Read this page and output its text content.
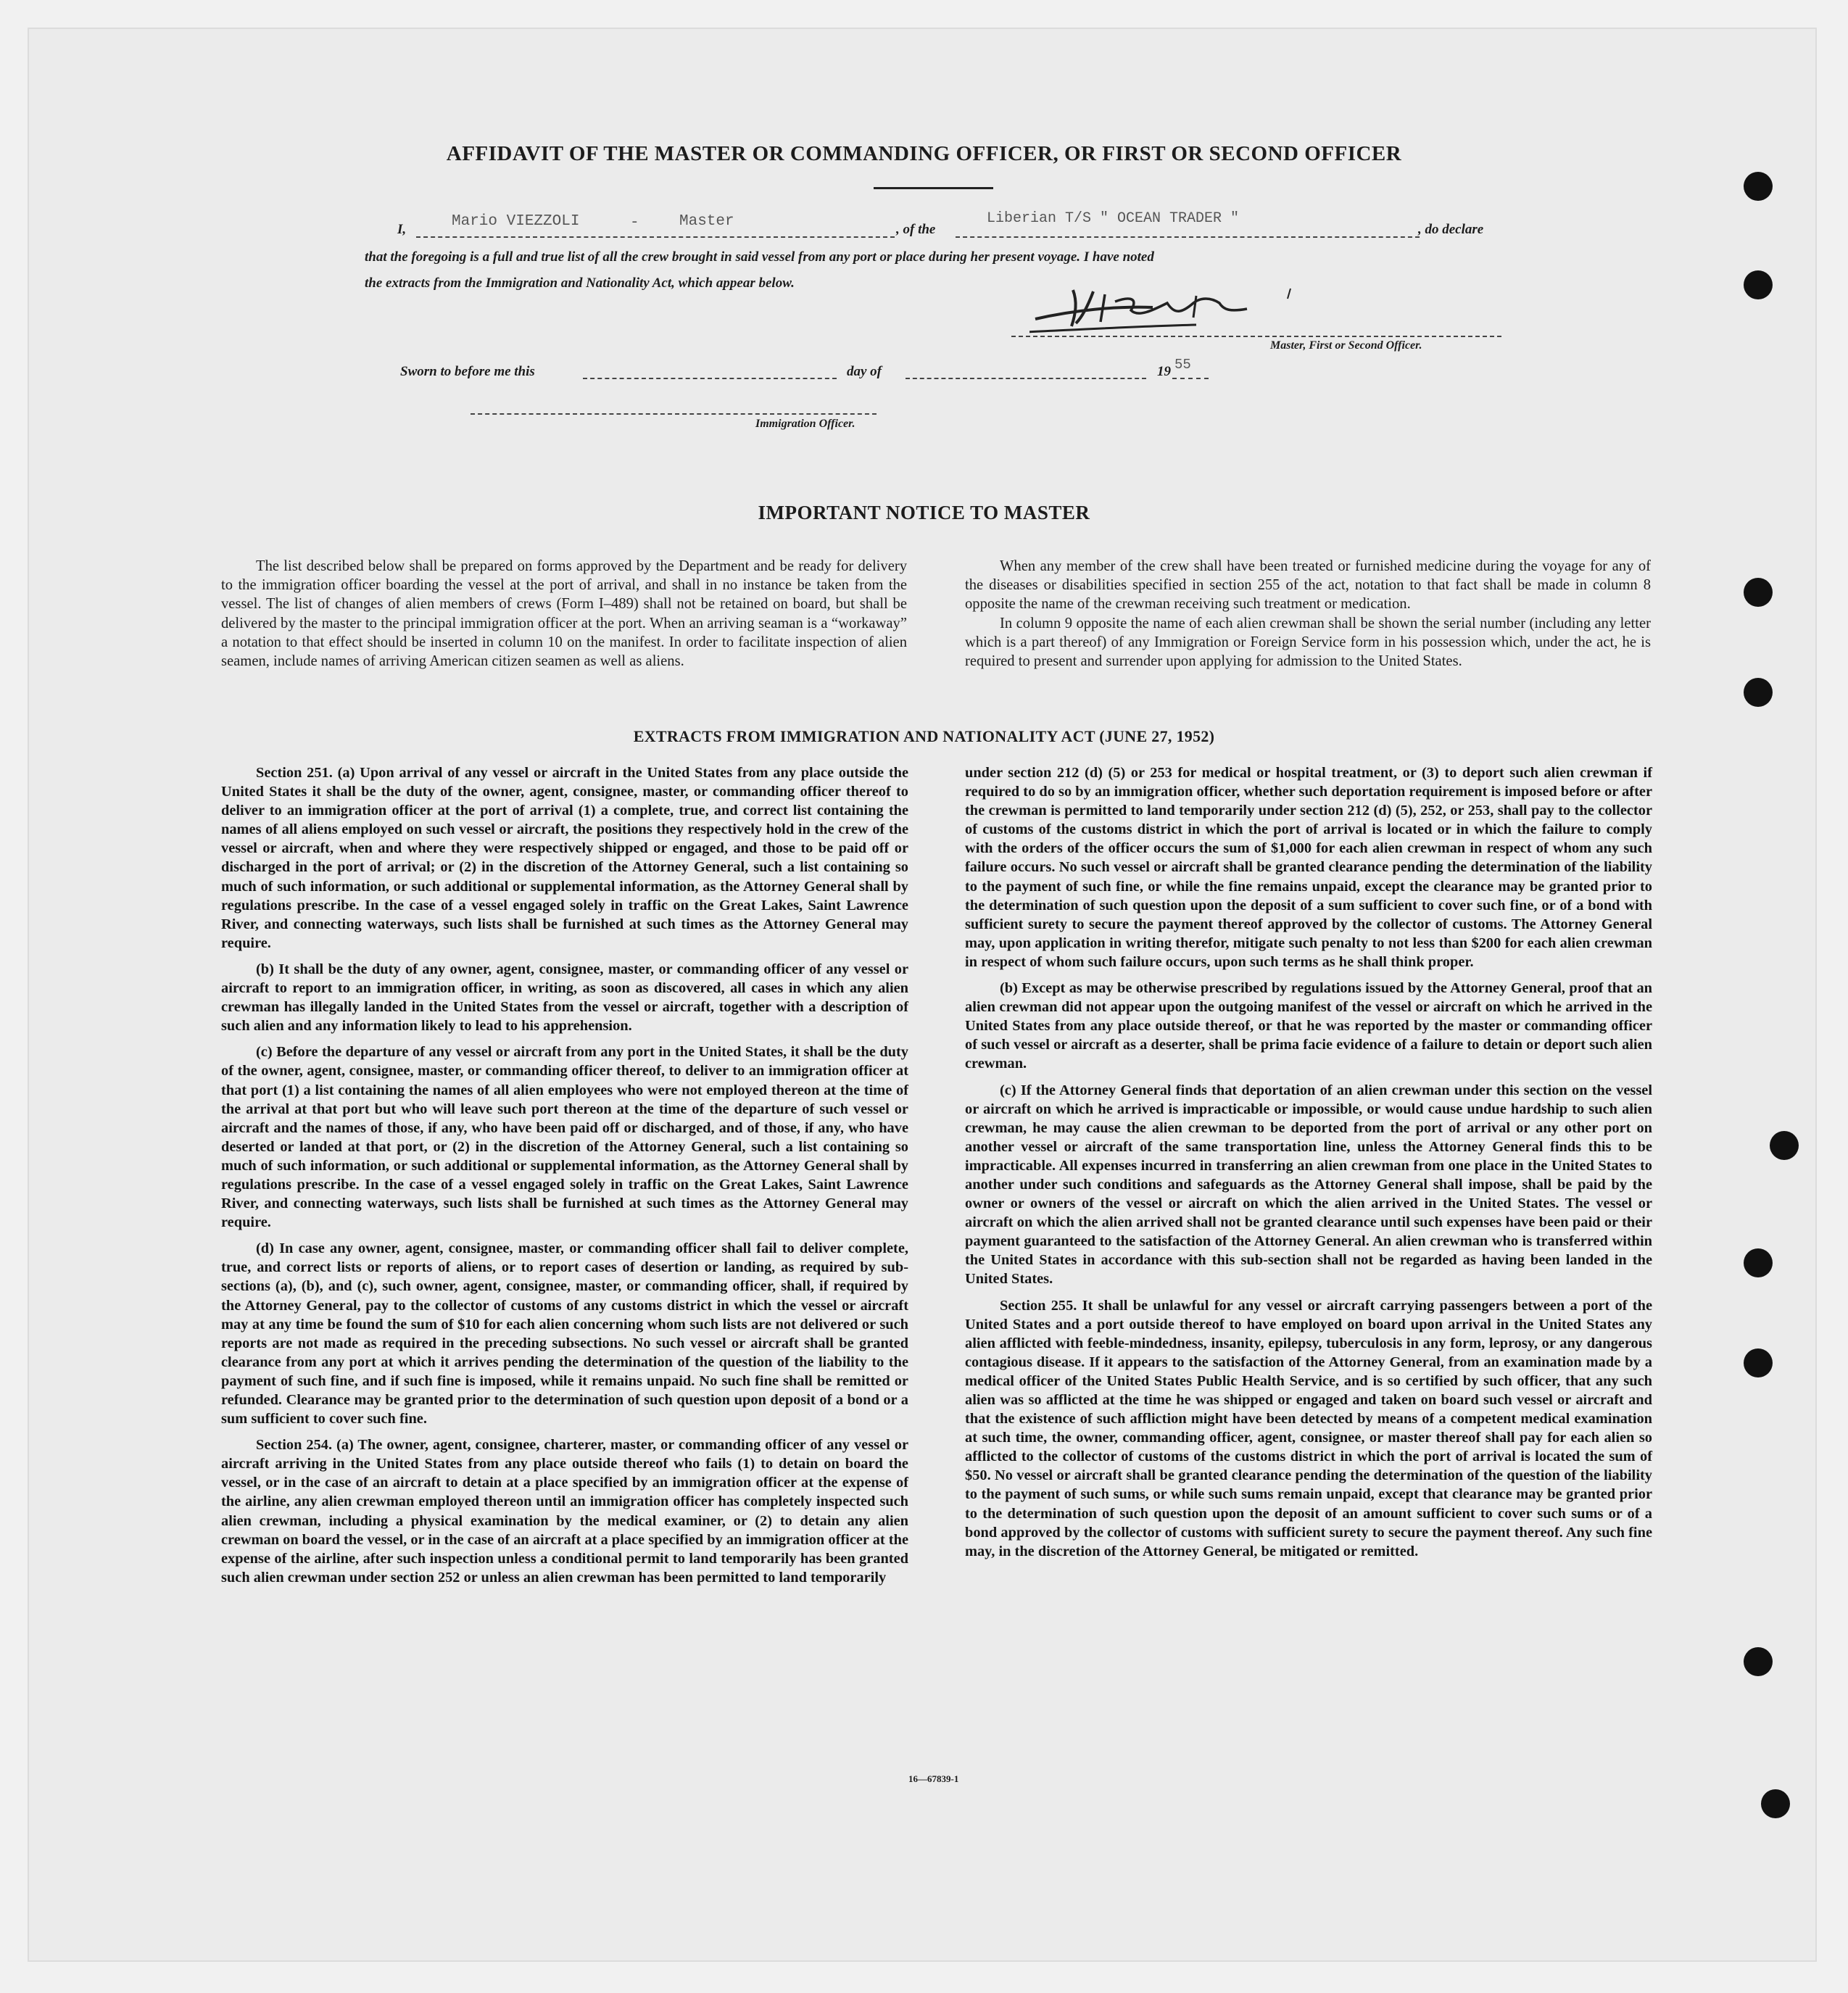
AFFIDAVIT OF THE MASTER OR COMMANDING OFFICER, OR FIRST OR SECOND OFFICER
I,	Mario VIEZZOLI	-	Master	, of the
Liberian T/S " OCEAN TRADER "
, do declare
that the foregoing is a full and true list of all the crew brought in said vessel from any port or place during her present voyage. I have noted
the extracts from the Immigration and Nationality Act, which appear below.
Master, First or Second Officer.
Sworn to before me this	day of	19 55
Immigration Officer.
IMPORTANT NOTICE TO MASTER

The list described below shall be prepared on forms approved by the Department and be ready for delivery to the immigration officer boarding the vessel at the port of arrival, and shall in no instance be taken from the vessel. The list of changes of alien members of crews (Form I–489) shall not be retained on board, but shall be delivered by the master to the principal immigration officer at the port. When an arriving seaman is a “workaway” a notation to that effect should be inserted in column 10 on the manifest. In order to facilitate inspection of alien seamen, include names of arriving American citizen seamen as well as aliens.

When any member of the crew shall have been treated or furnished medicine during the voyage for any of the diseases or disabilities specified in section 255 of the act, notation to that fact shall be made in column 8 opposite the name of the crewman receiving such treatment or medication.

In column 9 opposite the name of each alien crewman shall be shown the serial number (including any letter which is a part thereof) of any Immigration or Foreign Service form in his possession which, under the act, he is required to present and surrender upon applying for admission to the United States.

EXTRACTS FROM IMMIGRATION AND NATIONALITY ACT (JUNE 27, 1952)

Section 251. (a) Upon arrival of any vessel or aircraft in the United States from any place outside the United States it shall be the duty of the owner, agent, consignee, master, or commanding officer thereof to deliver to an immigration officer at the port of arrival (1) a complete, true, and correct list containing the names of all aliens employed on such vessel or aircraft, the positions they respectively hold in the crew of the vessel or aircraft, when and where they were respectively shipped or engaged, and those to be paid off or discharged in the port of arrival; or (2) in the discretion of the Attorney General, such a list containing so much of such information, or such additional or supplemental information, as the Attorney General shall by regulations prescribe. In the case of a vessel engaged solely in traffic on the Great Lakes, Saint Lawrence River, and connecting waterways, such lists shall be furnished at such times as the Attorney General may require.

(b) It shall be the duty of any owner, agent, consignee, master, or commanding officer of any vessel or aircraft to report to an immigration officer, in writing, as soon as discovered, all cases in which any alien crewman has illegally landed in the United States from the vessel or aircraft, together with a description of such alien and any information likely to lead to his apprehension.

(c) Before the departure of any vessel or aircraft from any port in the United States, it shall be the duty of the owner, agent, consignee, master, or commanding officer thereof, to deliver to an immigration officer at that port (1) a list containing the names of all alien employees who were not employed thereon at the time of the arrival at that port but who will leave such port thereon at the time of the departure of such vessel or aircraft and the names of those, if any, who have been paid off or discharged, and of those, if any, who have deserted or landed at that port, or (2) in the discretion of the Attorney General, such a list containing so much of such information, or such additional or supplemental information, as the Attorney General shall by regulations prescribe. In the case of a vessel engaged solely in traffic on the Great Lakes, Saint Lawrence River, and connecting waterways, such lists shall be furnished at such times as the Attorney General may require.

(d) In case any owner, agent, consignee, master, or commanding officer shall fail to deliver complete, true, and correct lists or reports of aliens, or to report cases of desertion or landing, as required by sub-sections (a), (b), and (c), such owner, agent, consignee, master, or commanding officer, shall, if required by the Attorney General, pay to the collector of customs of any customs district in which the vessel or aircraft may at any time be found the sum of $10 for each alien concerning whom such lists are not delivered or such reports are not made as required in the preceding subsections. No such vessel or aircraft shall be granted clearance from any port at which it arrives pending the determination of the question of the liability to the payment of such fine, and if such fine is imposed, while it remains unpaid. No such fine shall be remitted or refunded. Clearance may be granted prior to the determination of such question upon deposit of a bond or a sum sufficient to cover such fine.

Section 254. (a) The owner, agent, consignee, charterer, master, or commanding officer of any vessel or aircraft arriving in the United States from any place outside thereof who fails (1) to detain on board the vessel, or in the case of an aircraft to detain at a place specified by an immigration officer at the expense of the airline, any alien crewman employed thereon until an immigration officer has completely inspected such alien crewman, including a physical examination by the medical examiner, or (2) to detain any alien crewman on board the vessel, or in the case of an aircraft at a place specified by an immigration officer at the expense of the airline, after such inspection unless a conditional permit to land temporarily has been granted such alien crewman under section 252 or unless an alien crewman has been permitted to land temporarily

under section 212 (d) (5) or 253 for medical or hospital treatment, or (3) to deport such alien crewman if required to do so by an immigration officer, whether such deportation requirement is imposed before or after the crewman is permitted to land temporarily under section 212 (d) (5), 252, or 253, shall pay to the collector of customs of the customs district in which the port of arrival is located or in which the failure to comply with the orders of the officer occurs the sum of $1,000 for each alien crewman in respect of whom any such failure occurs. No such vessel or aircraft shall be granted clearance pending the determination of the liability to the payment of such fine, or while the fine remains unpaid, except the clearance may be granted prior to the determination of such question upon the deposit of a sum sufficient to cover such fine, or of a bond with sufficient surety to secure the payment thereof approved by the collector of customs. The Attorney General may, upon application in writing therefor, mitigate such penalty to not less than $200 for each alien crewman in respect of whom such failure occurs, upon such terms as he shall think proper.

(b) Except as may be otherwise prescribed by regulations issued by the Attorney General, proof that an alien crewman did not appear upon the outgoing manifest of the vessel or aircraft on which he arrived in the United States from any place outside thereof, or that he was reported by the master or commanding officer of such vessel or aircraft as a deserter, shall be prima facie evidence of a failure to detain or deport such alien crewman.

(c) If the Attorney General finds that deportation of an alien crewman under this section on the vessel or aircraft on which he arrived is impracticable or impossible, or would cause undue hardship to such alien crewman, he may cause the alien crewman to be deported from the port of arrival or any other port on another vessel or aircraft of the same transportation line, unless the Attorney General finds this to be impracticable. All expenses incurred in transferring an alien crewman from one place in the United States to another under such conditions and safeguards as the Attorney General shall impose, shall be paid by the owner or owners of the vessel or aircraft on which the alien arrived in the United States. The vessel or aircraft on which the alien arrived shall not be granted clearance until such expenses have been paid or their payment guaranteed to the satisfaction of the Attorney General. An alien crewman who is transferred within the United States in accordance with this sub-section shall not be regarded as having been landed in the United States.

Section 255. It shall be unlawful for any vessel or aircraft carrying passengers between a port of the United States and a port outside thereof to have employed on board upon arrival in the United States any alien afflicted with feeble-mindedness, insanity, epilepsy, tuberculosis in any form, leprosy, or any dangerous contagious disease. If it appears to the satisfaction of the Attorney General, from an examination made by a medical officer of the United States Public Health Service, and is so certified by such officer, that any such alien was so afflicted at the time he was shipped or engaged and taken on board such vessel or aircraft and that the existence of such affliction might have been detected by means of a competent medical examination at such time, the owner, commanding officer, agent, consignee, or master thereof shall pay for each alien so afflicted to the collector of customs of the customs district in which the port of arrival is located the sum of $50. No vessel or aircraft shall be granted clearance pending the determination of the question of the liability to the payment of such sums, or while such sums remain unpaid, except that clearance may be granted prior to the determination of such question upon the deposit of an amount sufficient to cover such sums or of a bond approved by the collector of customs with sufficient surety to secure the payment thereof. Any such fine may, in the discretion of the Attorney General, be mitigated or remitted.

16—67839-1
